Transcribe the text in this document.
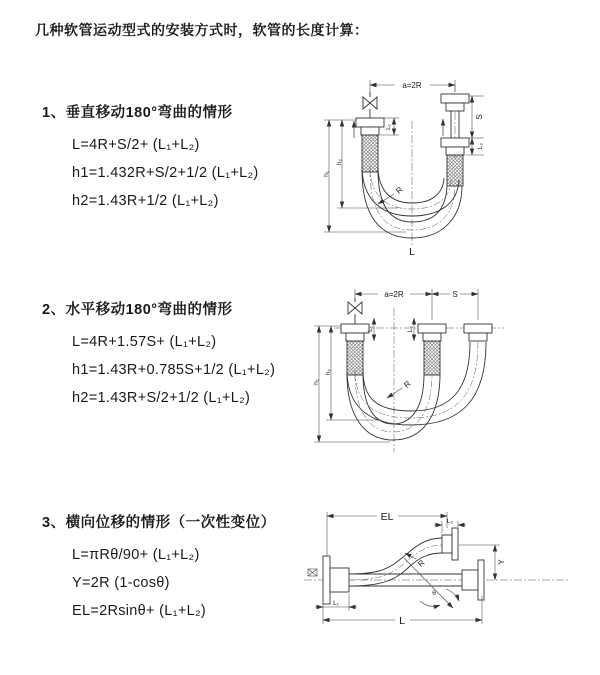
几种软管运动型式的安装方式时，软管的长度计算：
1、垂直移动180°弯曲的情形
L=4R+S/2+ (L₁+L₂)
h1=1.432R+S/2+1/2 (L₁+L₂)
h2=1.43R+1/2 (L₁+L₂)
2、水平移动180°弯曲的情形
L=4R+1.57S+ (L₁+L₂)
h1=1.43R+0.785S+1/2 (L₁+L₂)
h2=1.43R+S/2+1/2 (L₁+L₂)
3、横向位移的情形（一次性变位）
L=πRθ/90+ (L₁+L₂)
Y=2R (1-cosθ)
EL=2Rsinθ+ (L₁+L₂)
a=2R
L₁
S
L₂
h₁
h₂
R
L
a=2R	S
L₁	L₂
h₁
h₂
R
EL	L₂
Y
θ
R
L₁
L
